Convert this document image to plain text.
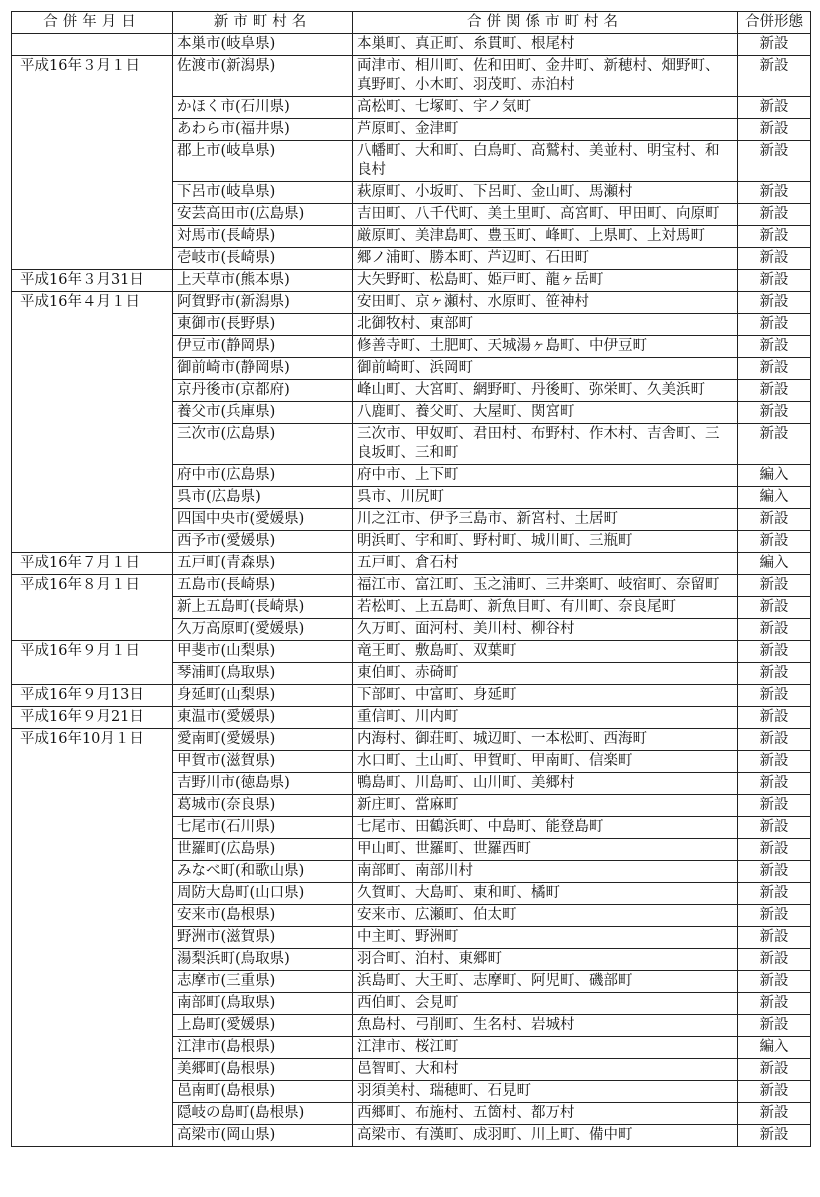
合併年月日	新市町村名	合併関係市町村名	合併形態
	本巣市(岐阜県)	本巣町、真正町、糸貫町、根尾村	新設
平成16年３月１日	佐渡市(新潟県)	両津市、相川町、佐和田町、金井町、新穂村、畑野町、真野町、小木町、羽茂町、赤泊村	新設
	かほく市(石川県)	高松町、七塚町、宇ノ気町	新設
	あわら市(福井県)	芦原町、金津町	新設
	郡上市(岐阜県)	八幡町、大和町、白鳥町、高鷲村、美並村、明宝村、和良村	新設
	下呂市(岐阜県)	萩原町、小坂町、下呂町、金山町、馬瀬村	新設
	安芸高田市(広島県)	吉田町、八千代町、美土里町、高宮町、甲田町、向原町	新設
	対馬市(長崎県)	厳原町、美津島町、豊玉町、峰町、上県町、上対馬町	新設
	壱岐市(長崎県)	郷ノ浦町、勝本町、芦辺町、石田町	新設
平成16年３月31日	上天草市(熊本県)	大矢野町、松島町、姫戸町、龍ヶ岳町	新設
平成16年４月１日	阿賀野市(新潟県)	安田町、京ヶ瀬村、水原町、笹神村	新設
	東御市(長野県)	北御牧村、東部町	新設
	伊豆市(静岡県)	修善寺町、土肥町、天城湯ヶ島町、中伊豆町	新設
	御前崎市(静岡県)	御前崎町、浜岡町	新設
	京丹後市(京都府)	峰山町、大宮町、網野町、丹後町、弥栄町、久美浜町	新設
	養父市(兵庫県)	八鹿町、養父町、大屋町、関宮町	新設
	三次市(広島県)	三次市、甲奴町、君田村、布野村、作木村、吉舎町、三良坂町、三和町	新設
	府中市(広島県)	府中市、上下町	編入
	呉市(広島県)	呉市、川尻町	編入
	四国中央市(愛媛県)	川之江市、伊予三島市、新宮村、土居町	新設
	西予市(愛媛県)	明浜町、宇和町、野村町、城川町、三瓶町	新設
平成16年７月１日	五戸町(青森県)	五戸町、倉石村	編入
平成16年８月１日	五島市(長崎県)	福江市、富江町、玉之浦町、三井楽町、岐宿町、奈留町	新設
	新上五島町(長崎県)	若松町、上五島町、新魚目町、有川町、奈良尾町	新設
	久万高原町(愛媛県)	久万町、面河村、美川村、柳谷村	新設
平成16年９月１日	甲斐市(山梨県)	竜王町、敷島町、双葉町	新設
	琴浦町(鳥取県)	東伯町、赤碕町	新設
平成16年９月13日	身延町(山梨県)	下部町、中富町、身延町	新設
平成16年９月21日	東温市(愛媛県)	重信町、川内町	新設
平成16年10月１日	愛南町(愛媛県)	内海村、御荘町、城辺町、一本松町、西海町	新設
	甲賀市(滋賀県)	水口町、土山町、甲賀町、甲南町、信楽町	新設
	吉野川市(徳島県)	鴨島町、川島町、山川町、美郷村	新設
	葛城市(奈良県)	新庄町、當麻町	新設
	七尾市(石川県)	七尾市、田鶴浜町、中島町、能登島町	新設
	世羅町(広島県)	甲山町、世羅町、世羅西町	新設
	みなべ町(和歌山県)	南部町、南部川村	新設
	周防大島町(山口県)	久賀町、大島町、東和町、橘町	新設
	安来市(島根県)	安来市、広瀬町、伯太町	新設
	野洲市(滋賀県)	中主町、野洲町	新設
	湯梨浜町(鳥取県)	羽合町、泊村、東郷町	新設
	志摩市(三重県)	浜島町、大王町、志摩町、阿児町、磯部町	新設
	南部町(鳥取県)	西伯町、会見町	新設
	上島町(愛媛県)	魚島村、弓削町、生名村、岩城村	新設
	江津市(島根県)	江津市、桜江町	編入
	美郷町(島根県)	邑智町、大和村	新設
	邑南町(島根県)	羽須美村、瑞穂町、石見町	新設
	隠岐の島町(島根県)	西郷町、布施村、五箇村、都万村	新設
	高梁市(岡山県)	高梁市、有漢町、成羽町、川上町、備中町	新設
